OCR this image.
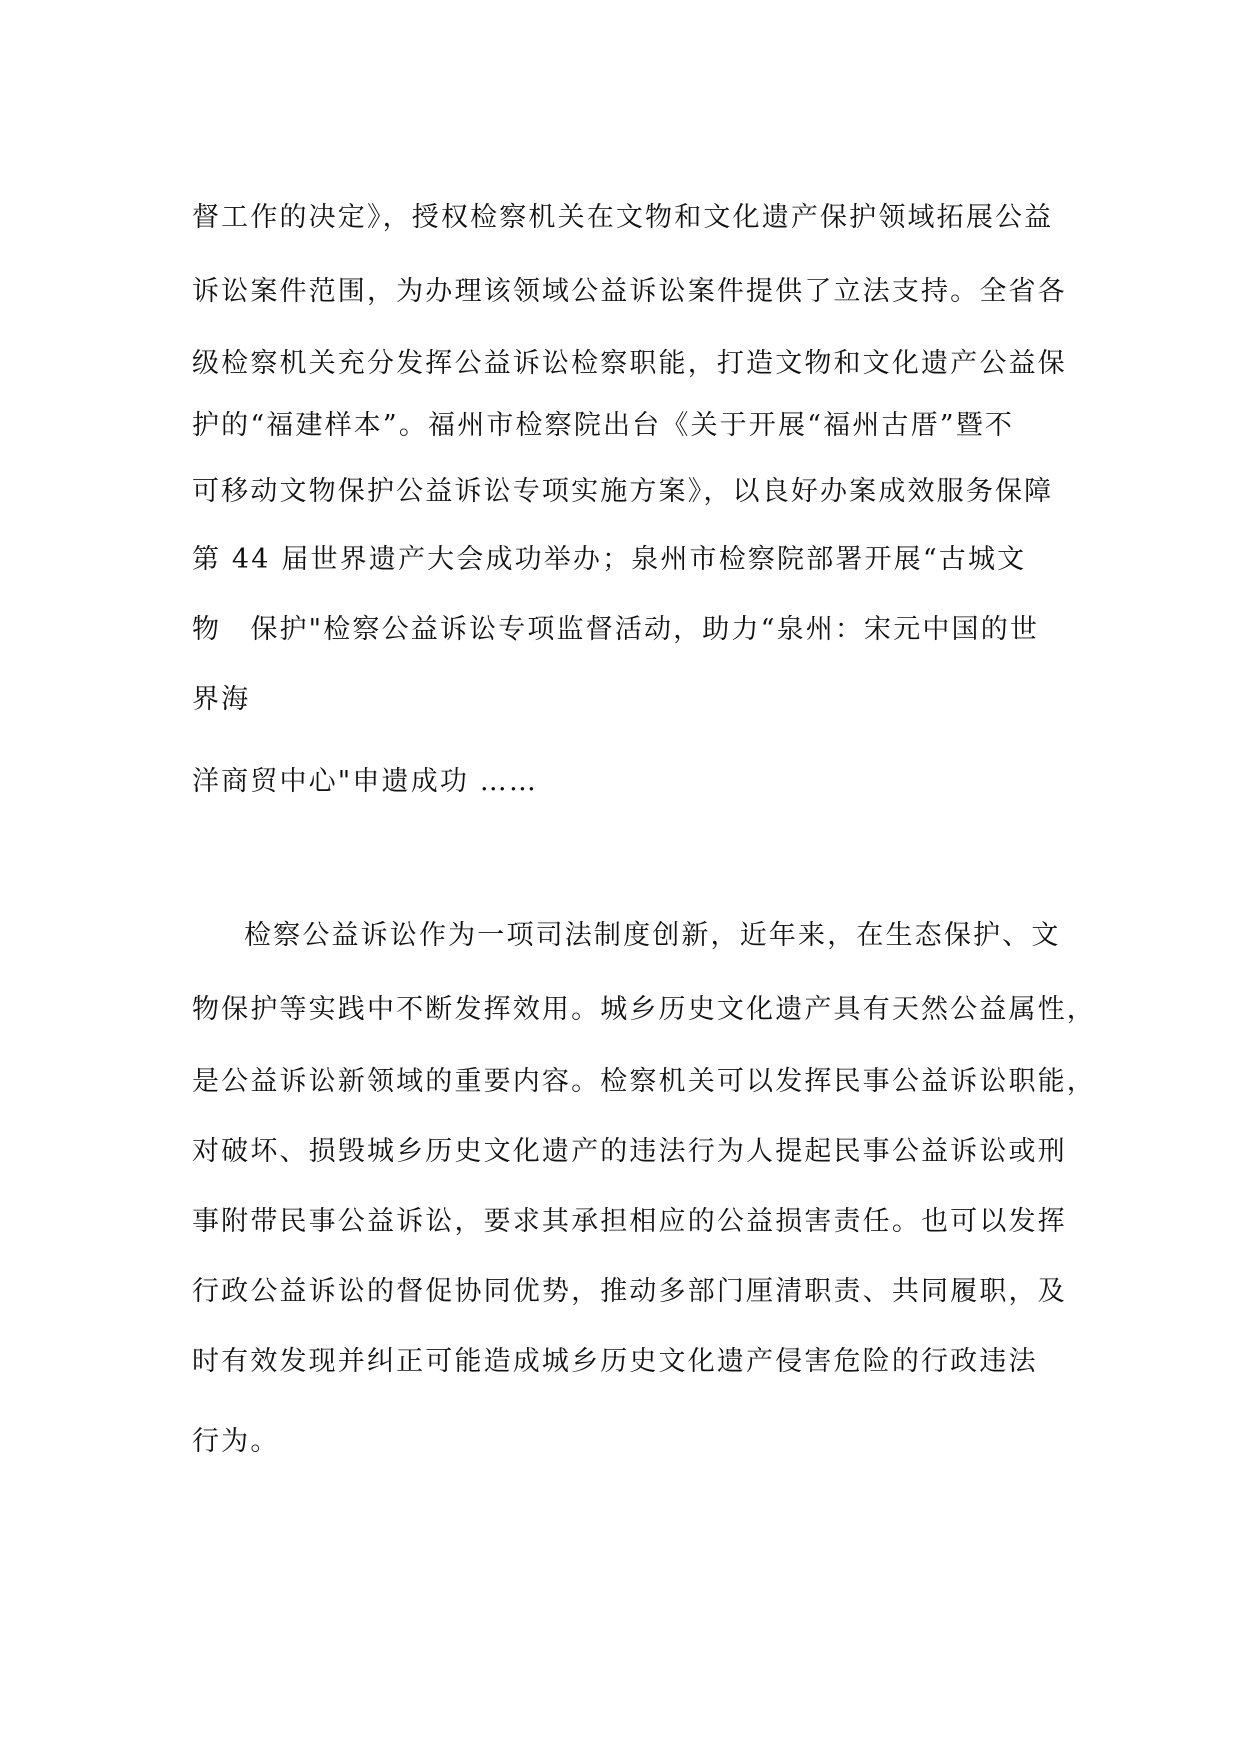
督工作的决定》，授权检察机关在文物和文化遗产保护领域拓展公益
诉讼案件范围，为办理该领域公益诉讼案件提供了立法支持。全省各
级检察机关充分发挥公益诉讼检察职能，打造文物和文化遗产公益保
护的“福建样本”。福州市检察院出台《关于开展“福州古厝”暨不
可移动文物保护公益诉讼专项实施方案》，以良好办案成效服务保障
第 44 届世界遗产大会成功举办；泉州市检察院部署开展“古城文
物　保护"检察公益诉讼专项监督活动，助力“泉州：宋元中国的世
界海
洋商贸中心"申遗成功 ……
检察公益诉讼作为一项司法制度创新，近年来，在生态保护、文
物保护等实践中不断发挥效用。城乡历史文化遗产具有天然公益属性，
是公益诉讼新领域的重要内容。检察机关可以发挥民事公益诉讼职能，
对破坏、损毁城乡历史文化遗产的违法行为人提起民事公益诉讼或刑
事附带民事公益诉讼，要求其承担相应的公益损害责任。也可以发挥
行政公益诉讼的督促协同优势，推动多部门厘清职责、共同履职，及
时有效发现并纠正可能造成城乡历史文化遗产侵害危险的行政违法
行为。
